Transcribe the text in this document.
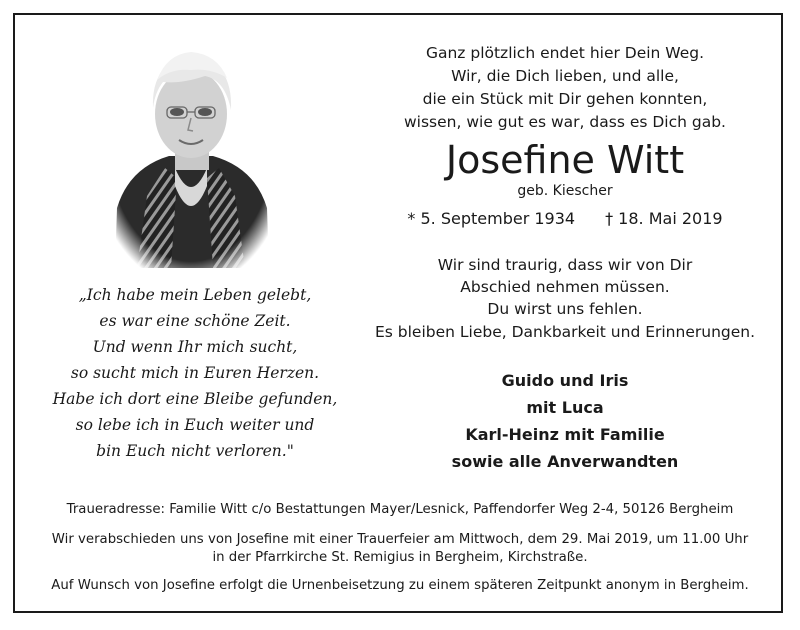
Ganz plötzlich endet hier Dein Weg.
Wir, die Dich lieben, und alle,
die ein Stück mit Dir gehen konnten,
wissen, wie gut es war, dass es Dich gab.
Josefine Witt
geb. Kiescher
* 5. September 1934 † 18. Mai 2019
Wir sind traurig, dass wir von Dir
Abschied nehmen müssen.
Du wirst uns fehlen.
Es bleiben Liebe, Dankbarkeit und Erinnerungen.
Guido und Iris
mit Luca
Karl-Heinz mit Familie
sowie alle Anverwandten
„Ich habe mein Leben gelebt,
es war eine schöne Zeit.
Und wenn Ihr mich sucht,
so sucht mich in Euren Herzen.
Habe ich dort eine Bleibe gefunden,
so lebe ich in Euch weiter und
bin Euch nicht verloren."
Traueradresse: Familie Witt c/o Bestattungen Mayer/Lesnick, Paffendorfer Weg 2-4, 50126 Bergheim
Wir verabschieden uns von Josefine mit einer Trauerfeier am Mittwoch, dem 29. Mai 2019, um 11.00 Uhr
in der Pfarrkirche St. Remigius in Bergheim, Kirchstraße.
Auf Wunsch von Josefine erfolgt die Urnenbeisetzung zu einem späteren Zeitpunkt anonym in Bergheim.
